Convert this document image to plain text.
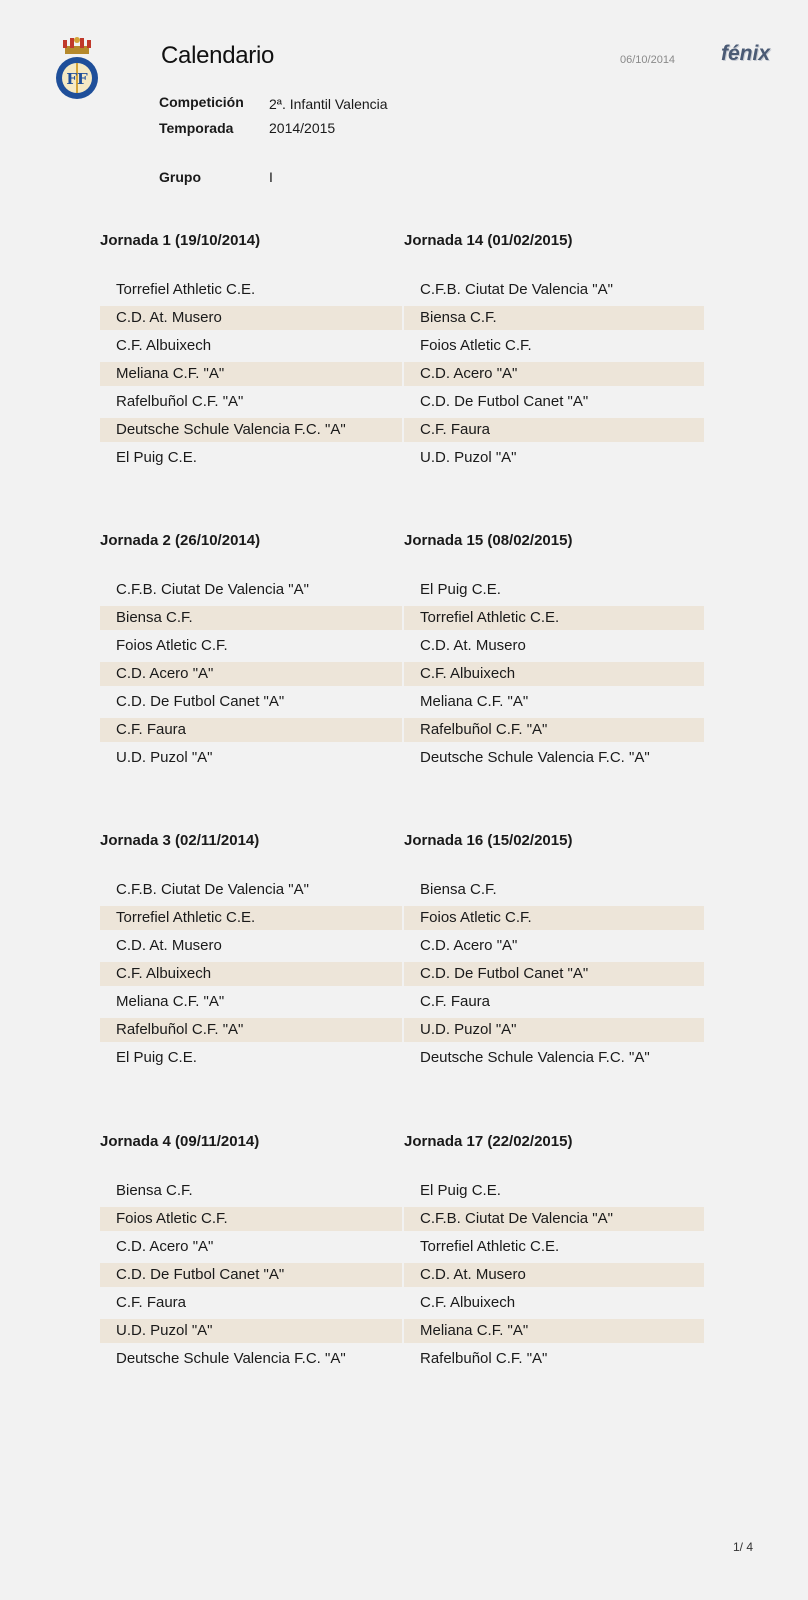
FF
Calendario	06/10/2014 fénix
Competición 2ª. Infantil Valencia
Temporada	2014/2015
Grupo	I
Jornada 1 (19/10/2014)	Jornada 14 (01/02/2015)
Torrefiel Athletic C.E.	C.F.B. Ciutat De Valencia "A"
C.D. At. Musero	Biensa C.F.
C.F. Albuixech	Foios Atletic C.F.
Meliana C.F. "A"	C.D. Acero "A"
Rafelbuñol C.F. "A"	C.D. De Futbol Canet "A"
Deutsche Schule Valencia F.C. "A"	C.F. Faura
El Puig C.E.	U.D. Puzol "A"
Jornada 2 (26/10/2014)	Jornada 15 (08/02/2015)
C.F.B. Ciutat De Valencia "A"	El Puig C.E.
Biensa C.F.	Torrefiel Athletic C.E.
Foios Atletic C.F.	C.D. At. Musero
C.D. Acero "A"	C.F. Albuixech
C.D. De Futbol Canet "A"	Meliana C.F. "A"
C.F. Faura	Rafelbuñol C.F. "A"
U.D. Puzol "A"	Deutsche Schule Valencia F.C. "A"
Jornada 3 (02/11/2014)	Jornada 16 (15/02/2015)
C.F.B. Ciutat De Valencia "A"	Biensa C.F.
Torrefiel Athletic C.E.	Foios Atletic C.F.
C.D. At. Musero	C.D. Acero "A"
C.F. Albuixech	C.D. De Futbol Canet "A"
Meliana C.F. "A"	C.F. Faura
Rafelbuñol C.F. "A"	U.D. Puzol "A"
El Puig C.E.	Deutsche Schule Valencia F.C. "A"
Jornada 4 (09/11/2014)	Jornada 17 (22/02/2015)
Biensa C.F.	El Puig C.E.
Foios Atletic C.F.	C.F.B. Ciutat De Valencia "A"
C.D. Acero "A"	Torrefiel Athletic C.E.
C.D. De Futbol Canet "A"	C.D. At. Musero
C.F. Faura	C.F. Albuixech
U.D. Puzol "A"	Meliana C.F. "A"
Deutsche Schule Valencia F.C. "A"	Rafelbuñol C.F. "A"
1/ 4
